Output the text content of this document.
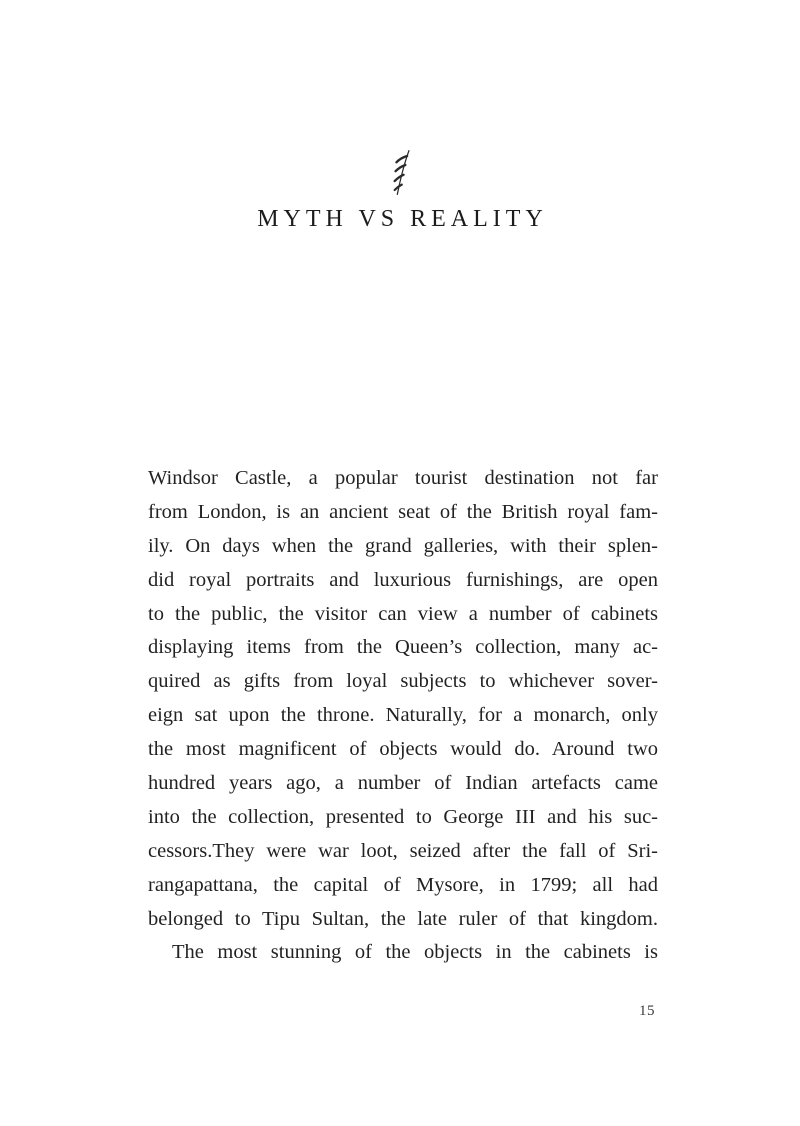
MYTH VS REALITY
Windsor Castle, a popular tourist destination not far
from London, is an ancient seat of the British royal fam-
ily. On days when the grand galleries, with their splen-
did royal portraits and luxurious furnishings, are open
to the public, the visitor can view a number of cabinets
displaying items from the Queen’s collection, many ac-
quired as gifts from loyal subjects to whichever sover-
eign sat upon the throne. Naturally, for a monarch, only
the most magnificent of objects would do. Around two
hundred years ago, a number of Indian artefacts came
into the collection, presented to George III and his suc-
cessors.They were war loot, seized after the fall of Sri-
rangapattana, the capital of Mysore, in 1799; all had
belonged to Tipu Sultan, the late ruler of that kingdom.
The most stunning of the objects in the cabinets is
15
